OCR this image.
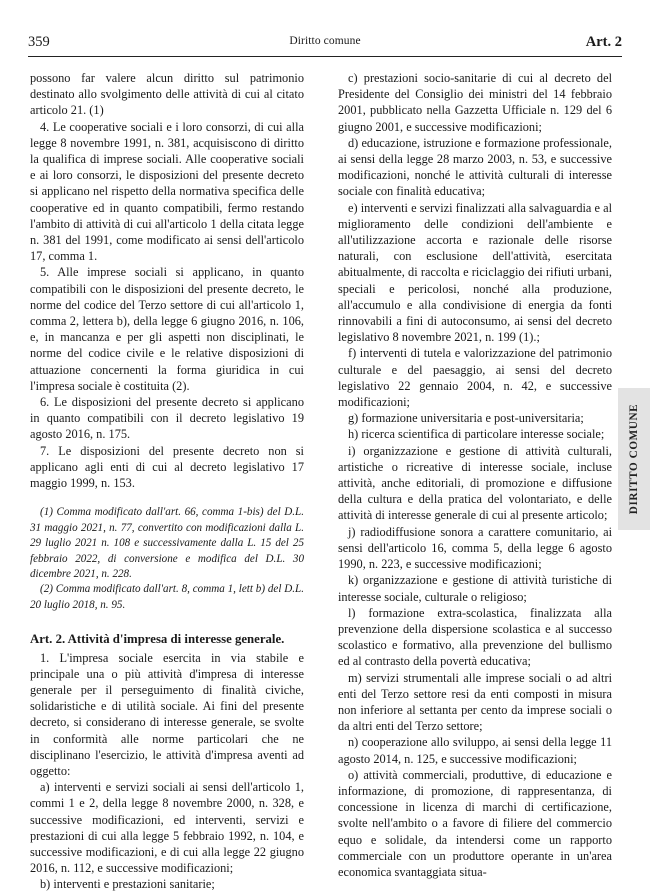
359	Diritto comune	Art. 2

possono far valere alcun diritto sul patrimonio destinato allo svolgimento delle attività di cui al citato articolo 21. (1)

4. Le cooperative sociali e i loro consorzi, di cui alla legge 8 novembre 1991, n. 381, acquisiscono di diritto la qualifica di imprese sociali. Alle cooperative sociali e ai loro consorzi, le disposizioni del presente decreto si applicano nel rispetto della normativa specifica delle cooperative ed in quanto compatibili, fermo restando l'ambito di attività di cui all'articolo 1 della citata legge n. 381 del 1991, come modificato ai sensi dell'articolo 17, comma 1.

5. Alle imprese sociali si applicano, in quanto compatibili con le disposizioni del presente decreto, le norme del codice del Terzo settore di cui all'articolo 1, comma 2, lettera b), della legge 6 giugno 2016, n. 106, e, in mancanza e per gli aspetti non disciplinati, le norme del codice civile e le relative disposizioni di attuazione concernenti la forma giuridica in cui l'impresa sociale è costituita (2).

6. Le disposizioni del presente decreto si applicano in quanto compatibili con il decreto legislativo 19 agosto 2016, n. 175.

7. Le disposizioni del presente decreto non si applicano agli enti di cui al decreto legislativo 17 maggio 1999, n. 153.

(1) Comma modificato dall'art. 66, comma 1-bis) del D.L. 31 maggio 2021, n. 77, convertito con modificazioni dalla L. 29 luglio 2021 n. 108 e successivamente dalla L. 15 del 25 febbraio 2022, di conversione e modifica del D.L. 30 dicembre 2021, n. 228.

(2) Comma modificato dall'art. 8, comma 1, lett b) del D.L. 20 luglio 2018, n. 95.

Art. 2. Attività d'impresa di interesse generale.

1. L'impresa sociale esercita in via stabile e principale una o più attività d'impresa di interesse generale per il perseguimento di finalità civiche, solidaristiche e di utilità sociale. Ai fini del presente decreto, si considerano di interesse generale, se svolte in conformità alle norme particolari che ne disciplinano l'esercizio, le attività d'impresa aventi ad oggetto:

a) interventi e servizi sociali ai sensi dell'articolo 1, commi 1 e 2, della legge 8 novembre 2000, n. 328, e successive modificazioni, ed interventi, servizi e prestazioni di cui alla legge 5 febbraio 1992, n. 104, e successive modificazioni, e di cui alla legge 22 giugno 2016, n. 112, e successive modificazioni;

b) interventi e prestazioni sanitarie;

c) prestazioni socio-sanitarie di cui al decreto del Presidente del Consiglio dei ministri del 14 febbraio 2001, pubblicato nella Gazzetta Ufficiale n. 129 del 6 giugno 2001, e successive modificazioni;

d) educazione, istruzione e formazione professionale, ai sensi della legge 28 marzo 2003, n. 53, e successive modificazioni, nonché le attività culturali di interesse sociale con finalità educativa;

e) interventi e servizi finalizzati alla salvaguardia e al miglioramento delle condizioni dell'ambiente e all'utilizzazione accorta e razionale delle risorse naturali, con esclusione dell'attività, esercitata abitualmente, di raccolta e riciclaggio dei rifiuti urbani, speciali e pericolosi, nonché alla produzione, all'accumulo e alla condivisione di energia da fonti rinnovabili a fini di autoconsumo, ai sensi del decreto legislativo 8 novembre 2021, n. 199 (1).;

f) interventi di tutela e valorizzazione del patrimonio culturale e del paesaggio, ai sensi del decreto legislativo 22 gennaio 2004, n. 42, e successive modificazioni;

g) formazione universitaria e post-universitaria;

h) ricerca scientifica di particolare interesse sociale;

i) organizzazione e gestione di attività culturali, artistiche o ricreative di interesse sociale, incluse attività, anche editoriali, di promozione e diffusione della cultura e della pratica del volontariato, e delle attività di interesse generale di cui al presente articolo;

j) radiodiffusione sonora a carattere comunitario, ai sensi dell'articolo 16, comma 5, della legge 6 agosto 1990, n. 223, e successive modificazioni;

k) organizzazione e gestione di attività turistiche di interesse sociale, culturale o religioso;

l) formazione extra-scolastica, finalizzata alla prevenzione della dispersione scolastica e al successo scolastico e formativo, alla prevenzione del bullismo ed al contrasto della povertà educativa;

m) servizi strumentali alle imprese sociali o ad altri enti del Terzo settore resi da enti composti in misura non inferiore al settanta per cento da imprese sociali o da altri enti del Terzo settore;

n) cooperazione allo sviluppo, ai sensi della legge 11 agosto 2014, n. 125, e successive modificazioni;

o) attività commerciali, produttive, di educazione e informazione, di promozione, di rappresentanza, di concessione in licenza di marchi di certificazione, svolte nell'ambito o a favore di filiere del commercio equo e solidale, da intendersi come un rapporto commerciale con un produttore operante in un'area economica svantaggiata situa-

DIRITTO COMUNE
